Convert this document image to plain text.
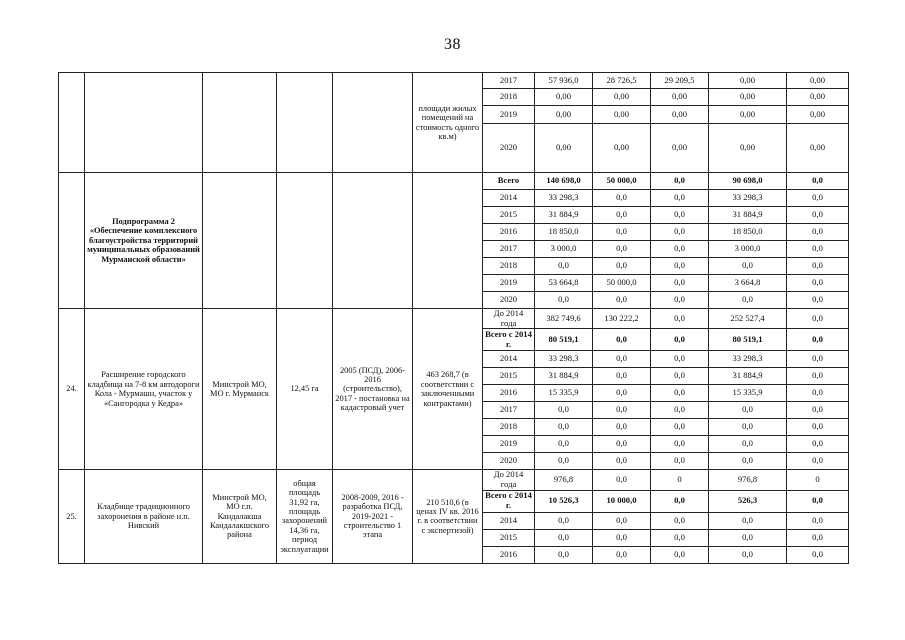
38
					площади жилых помещений на стоимость одного кв.м)	2017	57 936,0	28 726,5	29 209,5	0,00	0,00
						2018	0,00	0,00	0,00	0,00	0,00
						2019	0,00	0,00	0,00	0,00	0,00
						2020	0,00	0,00	0,00	0,00	0,00
	Подпрограмма 2 «Обеспечение комплексного благоустройства территорий муниципальных образований Мурманской области»					Всего	140 698,0	50 000,0	0,0	90 698,0	0,0
						2014	33 298,3	0,0	0,0	33 298,3	0,0
						2015	31 884,9	0,0	0,0	31 884,9	0,0
						2016	18 850,0	0,0	0,0	18 850,0	0,0
						2017	3 000,0	0,0	0,0	3 000,0	0,0
						2018	0,0	0,0	0,0	0,0	0,0
						2019	53 664,8	50 000,0	0,0	3 664,8	0,0
						2020	0,0	0,0	0,0	0,0	0,0
24.	Расширение городского кладбища на 7-8 км автодороги Кола - Мурмашн, участок у «Сангородка у Кедра»	Минстрой МО, МО г. Мурманск	12,45 га	2005 (ПСД), 2006-2016 (строительство), 2017 - постановка на кадастровый учет	463 268,7 (в соответствии с заключенными контрактами)	До 2014 года	382 749,6	130 222,2	0,0	252 527,4	0,0
						Всего с 2014 г.	80 519,1	0,0	0,0	80 519,1	0,0
						2014	33 298,3	0,0	0,0	33 298,3	0,0
						2015	31 884,9	0,0	0,0	31 884,9	0,0
						2016	15 335,9	0,0	0,0	15 335,9	0,0
						2017	0,0	0,0	0,0	0,0	0,0
						2018	0,0	0,0	0,0	0,0	0,0
						2019	0,0	0,0	0,0	0,0	0,0
						2020	0,0	0,0	0,0	0,0	0,0
25.	Кладбище традиционного захоронения в районе н.п. Нивский	Минстрой МО, МО г.п. Кандалакша Кандалакшского района	общая площадь 31,92 га, площадь захоронений 14,36 га, период эксплуатации	2008-2009, 2016 - разработка ПСД, 2019-2021 - строительство 1 этапа	210 510,6 (в ценах IV кв. 2016 г. в соответствии с экспертизой)	До 2014 года	976,8	0,0	0	976,8	0
						Всего с 2014 г.	10 526,3	10 000,0	0,0	526,3	0,0
						2014	0,0	0,0	0,0	0,0	0,0
						2015	0,0	0,0	0,0	0,0	0,0
						2016	0,0	0,0	0,0	0,0	0,0
